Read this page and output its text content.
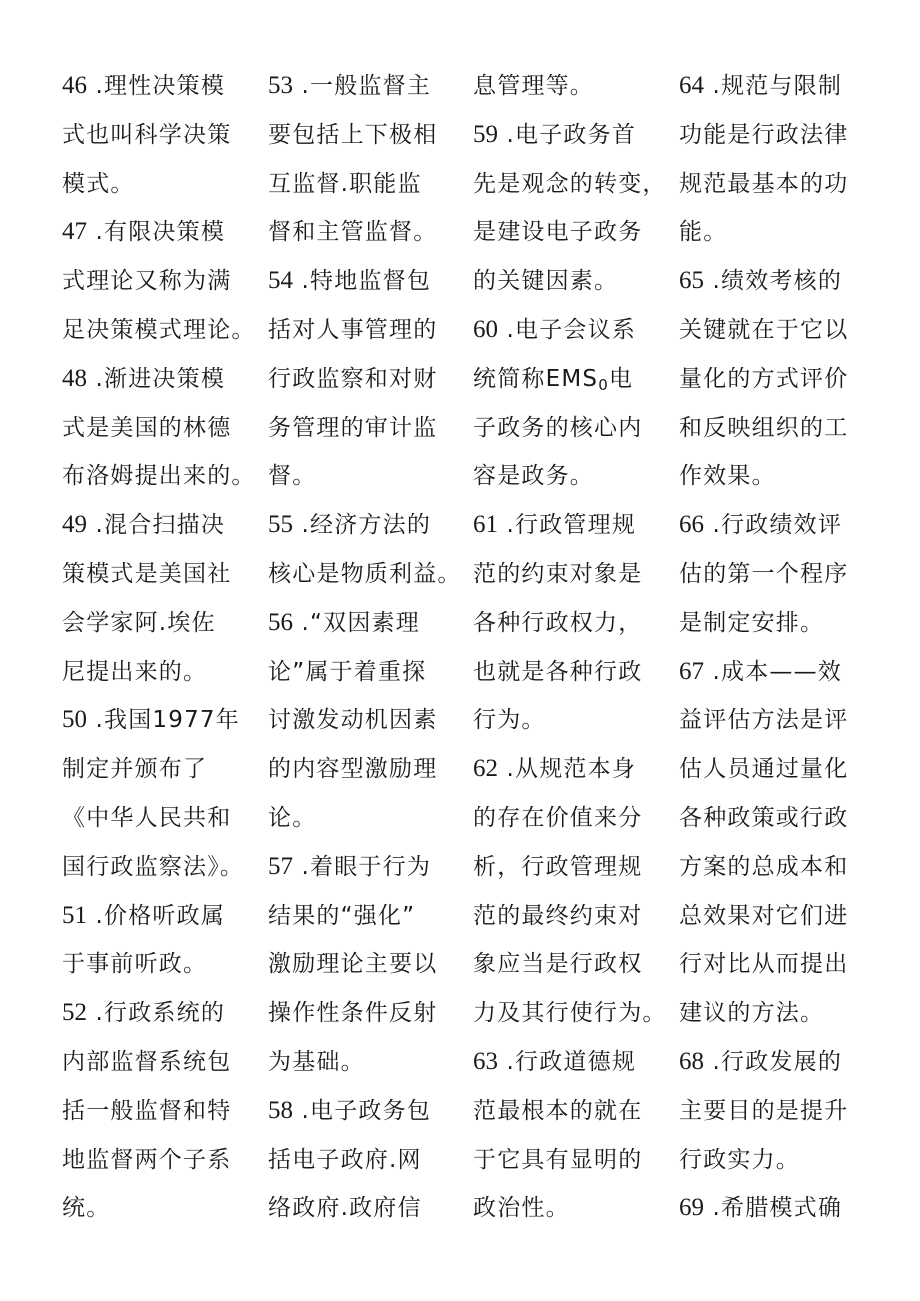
46 .理性决策模
式也叫科学决策
模式。
47 .有限决策模
式理论又称为满
足决策模式理论。
48 .渐进决策模
式是美国的林德
布洛姆提出来的。
49 .混合扫描决
策模式是美国社
会学家阿.埃佐
尼提出来的。
50 .我国1977年
制定并颁布了
《中华人民共和
国行政监察法》。
51 .价格听政属
于事前听政。
52 .行政系统的
内部监督系统包
括一般监督和特
地监督两个子系
统。
53 .一般监督主
要包括上下极相
互监督.职能监
督和主管监督。
54 .特地监督包
括对人事管理的
行政监察和对财
务管理的审计监
督。
55 .经济方法的
核心是物质利益。
56 .“双因素理
论”属于着重探
讨激发动机因素
的内容型激励理
论。
57 .着眼于行为
结果的“强化”
激励理论主要以
操作性条件反射
为基础。
58 .电子政务包
括电子政府.网
络政府.政府信
息管理等。
59 .电子政务首
先是观念的转变，
是建设电子政务
的关键因素。
60 .电子会议系
统简称$EMS_0$电
子政务的核心内
容是政务。
61 .行政管理规
范的约束对象是
各种行政权力，
也就是各种行政
行为。
62 .从规范本身
的存在价值来分
析，行政管理规
范的最终约束对
象应当是行政权
力及其行使行为。
63 .行政道德规
范最根本的就在
于它具有显明的
政治性。
64 .规范与限制
功能是行政法律
规范最基本的功
能。
65 .绩效考核的
关键就在于它以
量化的方式评价
和反映组织的工
作效果。
66 .行政绩效评
估的第一个程序
是制定安排。
67 .成本——效
益评估方法是评
估人员通过量化
各种政策或行政
方案的总成本和
总效果对它们进
行对比从而提出
建议的方法。
68 .行政发展的
主要目的是提升
行政实力。
69 .希腊模式确
